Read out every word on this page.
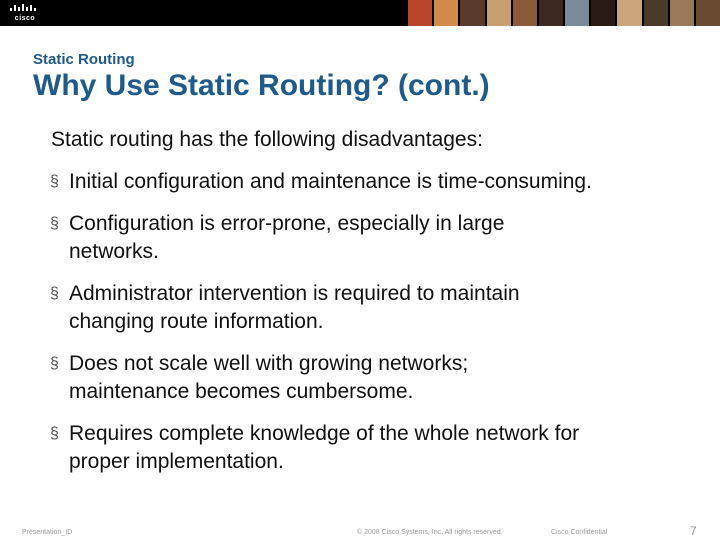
cisco
Static Routing
Why Use Static Routing? (cont.)
Static routing has the following disadvantages:
§ Initial configuration and maintenance is time-consuming.
§ Configuration is error-prone, especially in large
networks.
§ Administrator intervention is required to maintain
changing route information.
§ Does not scale well with growing networks;
maintenance becomes cumbersome.
§ Requires complete knowledge of the whole network for
proper implementation.
Presentation_ID	© 2008 Cisco Systems, Inc. All rights reserved.	Cisco Confidential	7
